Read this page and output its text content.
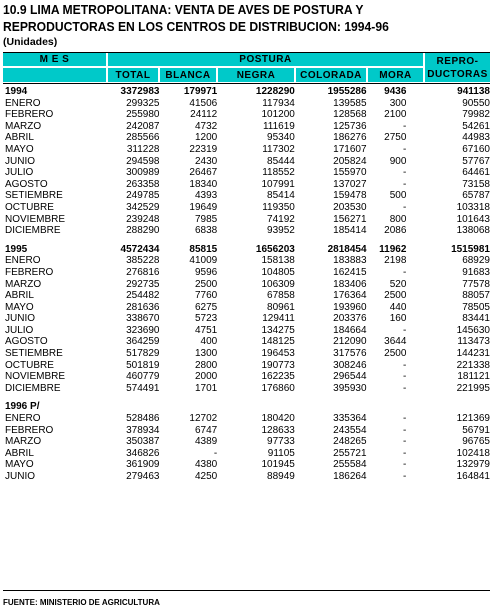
10.9 LIMA METROPOLITANA: VENTA DE AVES DE POSTURA Y
REPRODUCTORAS EN LOS CENTROS DE DISTRIBUCION: 1994-96
(Unidades)
M E S	POSTURA
TOTAL	BLANCA	NEGRA	COLORADA	MORA
REPRO-
DUCTORAS
1994	3372983	179971	1228290	1955286	9436	941138
ENERO	299325	41506	117934	139585	300	90550
FEBRERO	255980	24112	101200	128568	2100	79982
MARZO	242087	4732	111619	125736	-	54261
ABRIL	285566	1200	95340	186276	2750	44983
MAYO	311228	22319	117302	171607	-	67160
JUNIO	294598	2430	85444	205824	900	57767
JULIO	300989	26467	118552	155970	-	64461
AGOSTO	263358	18340	107991	137027	-	73158
SETIEMBRE	249785	4393	85414	159478	500	65787
OCTUBRE	342529	19649	119350	203530	-	103318
NOVIEMBRE	239248	7985	74192	156271	800	101643
DICIEMBRE	288290	6838	93952	185414	2086	138068

1995	4572434	85815	1656203	2818454	11962	1515981
ENERO	385228	41009	158138	183883	2198	68929
FEBRERO	276816	9596	104805	162415	-	91683
MARZO	292735	2500	106309	183406	520	77578
ABRIL	254482	7760	67858	176364	2500	88057
MAYO	281636	6275	80961	193960	440	78505
JUNIO	338670	5723	129411	203376	160	83441
JULIO	323690	4751	134275	184664	-	145630
AGOSTO	364259	400	148125	212090	3644	113473
SETIEMBRE	517829	1300	196453	317576	2500	144231
OCTUBRE	501819	2800	190773	308246	-	221338
NOVIEMBRE	460779	2000	162235	296544	-	181121
DICIEMBRE	574491	1701	176860	395930	-	221995

1996 P/						
ENERO	528486	12702	180420	335364	-	121369
FEBRERO	378934	6747	128633	243554	-	56791
MARZO	350387	4389	97733	248265	-	96765
ABRIL	346826	-	91105	255721	-	102418
MAYO	361909	4380	101945	255584	-	132979
JUNIO	279463	4250	88949	186264	-	164841
FUENTE: MINISTERIO DE AGRICULTURA
